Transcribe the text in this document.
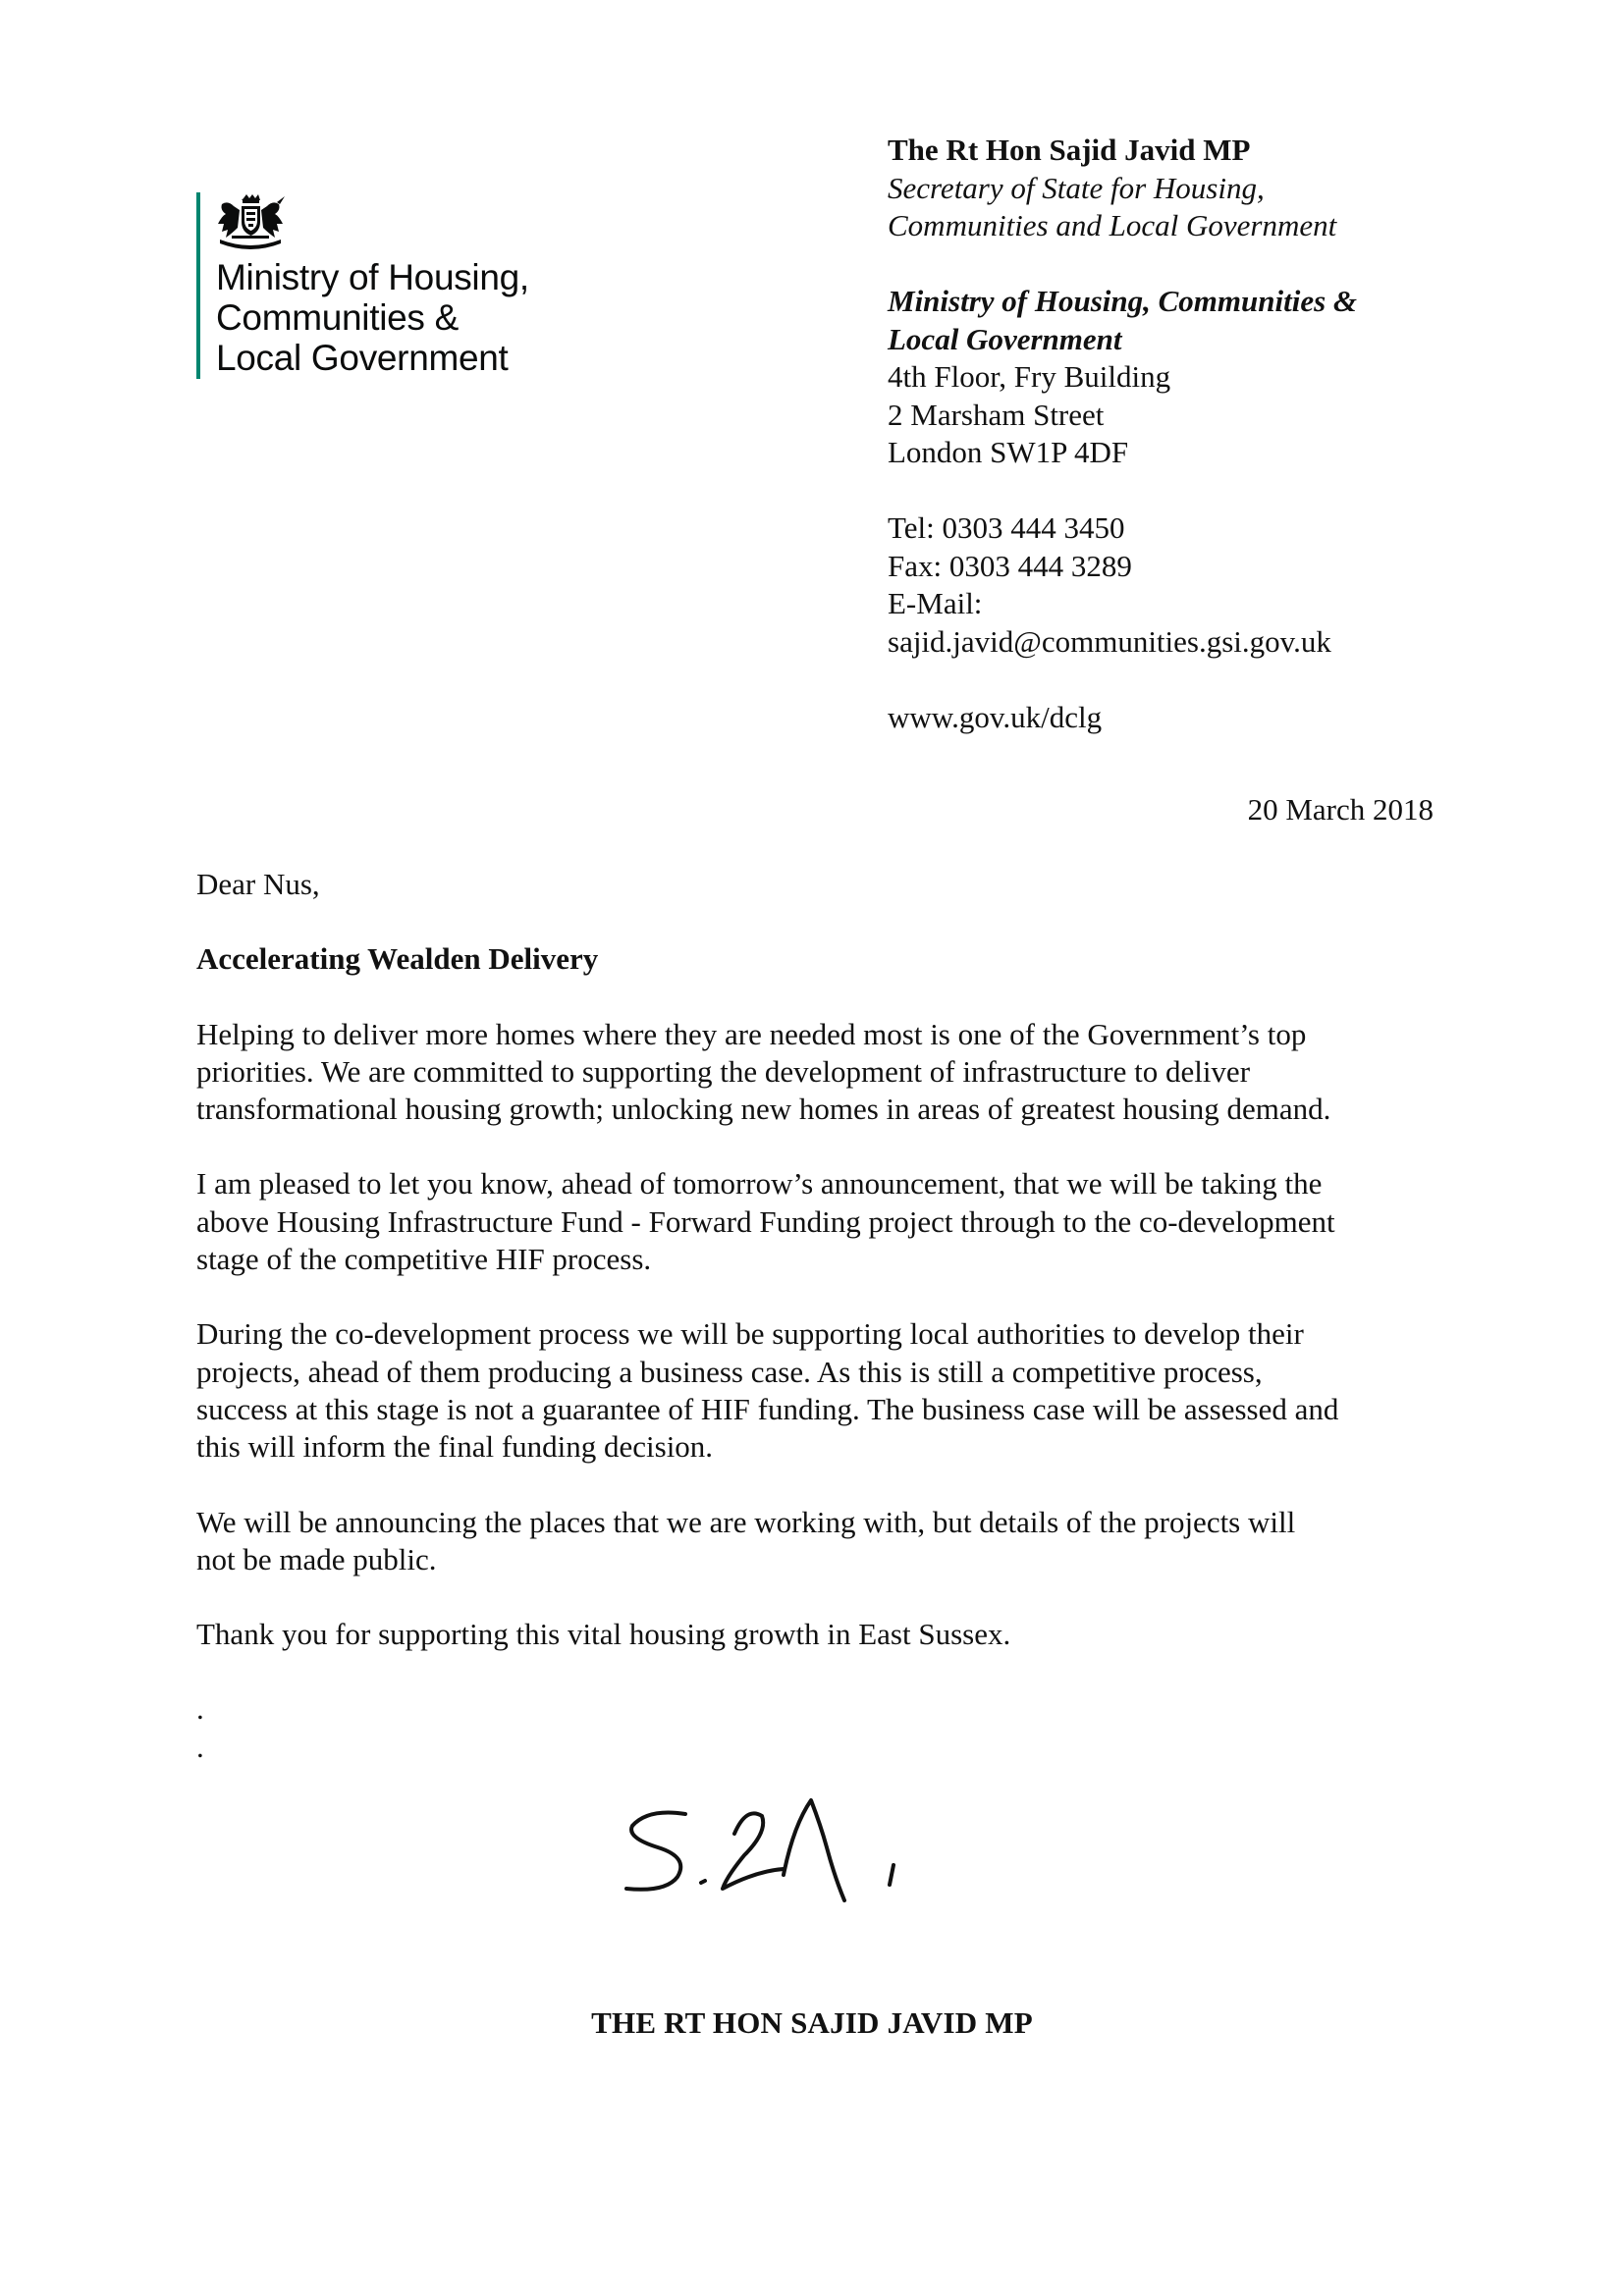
Ministry of Housing,
Communities &
Local Government
The Rt Hon Sajid Javid MP
Secretary of State for Housing,
Communities and Local Government
Ministry of Housing, Communities &
Local Government
4th Floor, Fry Building
2 Marsham Street
London SW1P 4DF
Tel: 0303 444 3450
Fax: 0303 444 3289
E-Mail:
sajid.javid@communities.gsi.gov.uk
www.gov.uk/dclg
20 March 2018

Dear Nus,

Accelerating Wealden Delivery

Helping to deliver more homes where they are needed most is one of the Government’s top
priorities. We are committed to supporting the development of infrastructure to deliver
transformational housing growth; unlocking new homes in areas of greatest housing demand.

I am pleased to let you know, ahead of tomorrow’s announcement, that we will be taking the
above Housing Infrastructure Fund - Forward Funding project through to the co-development
stage of the competitive HIF process.

During the co-development process we will be supporting local authorities to develop their
projects, ahead of them producing a business case. As this is still a competitive process,
success at this stage is not a guarantee of HIF funding. The business case will be assessed and
this will inform the final funding decision.

We will be announcing the places that we are working with, but details of the projects will
not be made public.

Thank you for supporting this vital housing growth in East Sussex.

.
.
THE RT HON SAJID JAVID MP
